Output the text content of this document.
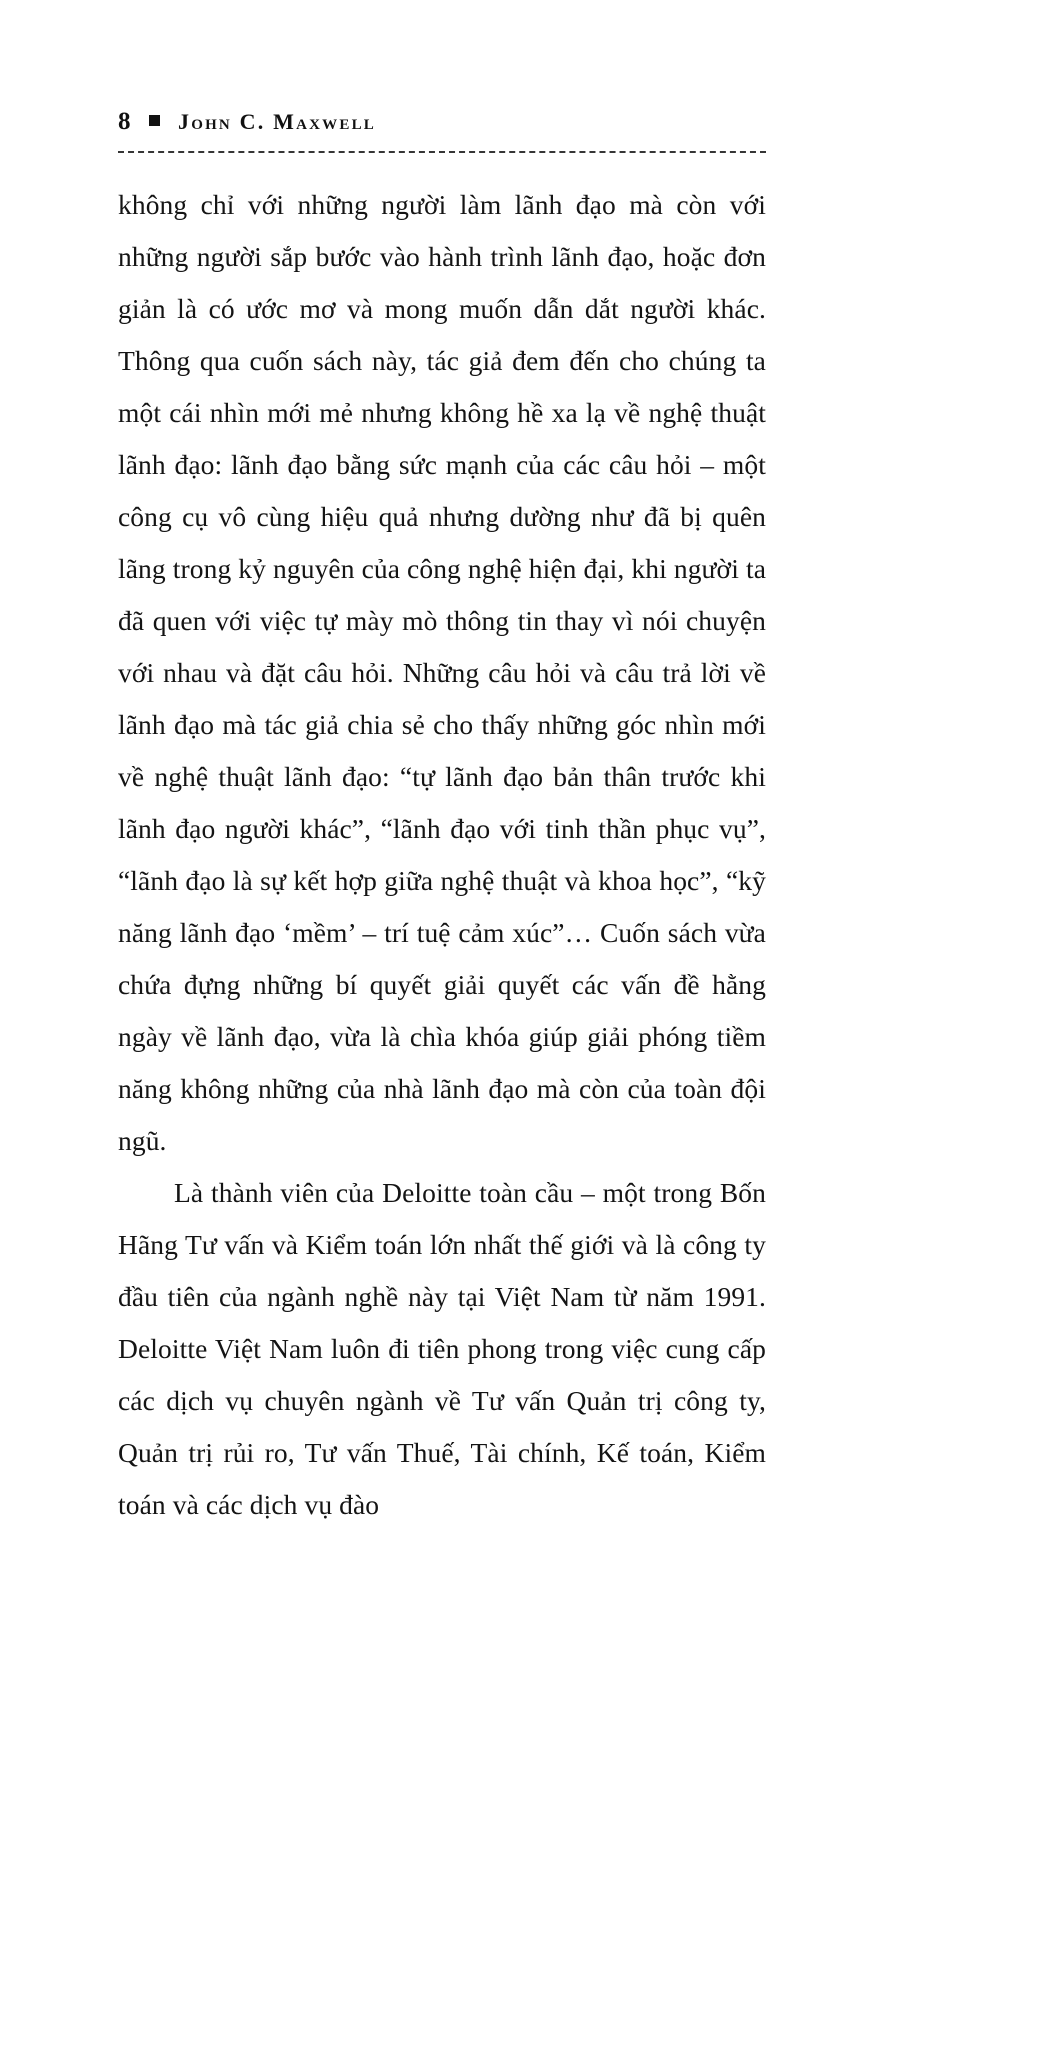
8 John C. Maxwell

không chỉ với những người làm lãnh đạo mà còn với những người sắp bước vào hành trình lãnh đạo, hoặc đơn giản là có ước mơ và mong muốn dẫn dắt người khác. Thông qua cuốn sách này, tác giả đem đến cho chúng ta một cái nhìn mới mẻ nhưng không hề xa lạ về nghệ thuật lãnh đạo: lãnh đạo bằng sức mạnh của các câu hỏi – một công cụ vô cùng hiệu quả nhưng dường như đã bị quên lãng trong kỷ nguyên của công nghệ hiện đại, khi người ta đã quen với việc tự mày mò thông tin thay vì nói chuyện với nhau và đặt câu hỏi. Những câu hỏi và câu trả lời về lãnh đạo mà tác giả chia sẻ cho thấy những góc nhìn mới về nghệ thuật lãnh đạo: “tự lãnh đạo bản thân trước khi lãnh đạo người khác”, “lãnh đạo với tinh thần phục vụ”, “lãnh đạo là sự kết hợp giữa nghệ thuật và khoa học”, “kỹ năng lãnh đạo ‘mềm’ – trí tuệ cảm xúc”… Cuốn sách vừa chứa đựng những bí quyết giải quyết các vấn đề hằng ngày về lãnh đạo, vừa là chìa khóa giúp giải phóng tiềm năng không những của nhà lãnh đạo mà còn của toàn đội ngũ.

Là thành viên của Deloitte toàn cầu – một trong Bốn Hãng Tư vấn và Kiểm toán lớn nhất thế giới và là công ty đầu tiên của ngành nghề này tại Việt Nam từ năm 1991. Deloitte Việt Nam luôn đi tiên phong trong việc cung cấp các dịch vụ chuyên ngành về Tư vấn Quản trị công ty, Quản trị rủi ro, Tư vấn Thuế, Tài chính, Kế toán, Kiểm toán và các dịch vụ đào
